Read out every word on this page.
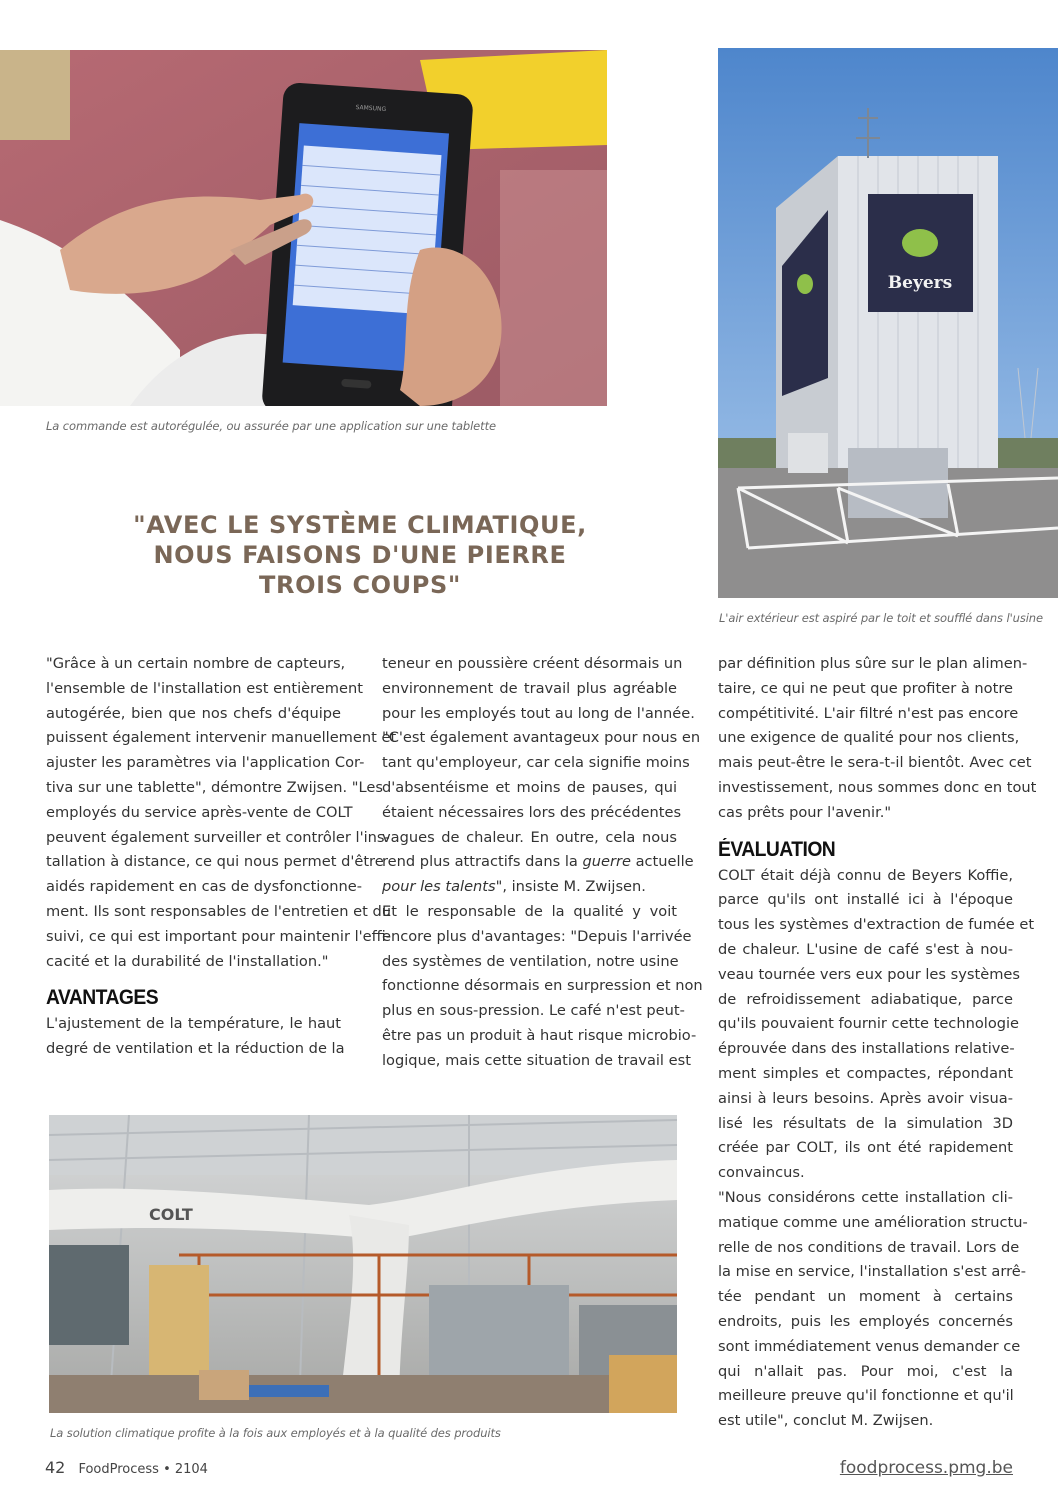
SAMSUNG
La commande est autorégulée, ou assurée par une application sur une tablette
Beyers
L'air extérieur est aspiré par le toit et soufflé dans l'usine
"AVEC LE SYSTÈME CLIMATIQUE,
NOUS FAISONS D'UNE PIERRE
TROIS COUPS"

"Grâce à un certain nombre de capteurs,
l'ensemble de l'installation est entièrement
autogérée, bien que nos chefs d'équipe
puissent également intervenir manuellement et
ajuster les paramètres via l'application Cor-
tiva sur une tablette", démontre Zwijsen. "Les
employés du service après-vente de COLT
peuvent également surveiller et contrôler l'ins-
tallation à distance, ce qui nous permet d'être
aidés rapidement en cas de dysfonctionne-
ment. Ils sont responsables de l'entretien et du
suivi, ce qui est important pour maintenir l'effi-
cacité et la durabilité de l'installation."

AVANTAGES

L'ajustement de la température, le haut
degré de ventilation et la réduction de la

teneur en poussière créent désormais un
environnement de travail plus agréable
pour les employés tout au long de l'année.
"C'est également avantageux pour nous en
tant qu'employeur, car cela signifie moins
d'absentéisme et moins de pauses, qui
étaient nécessaires lors des précédentes
vagues de chaleur. En outre, cela nous
rend plus attractifs dans la guerre actuelle
pour les talents", insiste M. Zwijsen.

Et le responsable de la qualité y voit
encore plus d'avantages: "Depuis l'arrivée
des systèmes de ventilation, notre usine
fonctionne désormais en surpression et non
plus en sous-pression. Le café n'est peut-
être pas un produit à haut risque microbio-
logique, mais cette situation de travail est

par définition plus sûre sur le plan alimen-
taire, ce qui ne peut que profiter à notre
compétitivité. L'air filtré n'est pas encore
une exigence de qualité pour nos clients,
mais peut-être le sera-t-il bientôt. Avec cet
investissement, nous sommes donc en tout
cas prêts pour l'avenir."

ÉVALUATION

COLT était déjà connu de Beyers Koffie,
parce qu'ils ont installé ici à l'époque
tous les systèmes d'extraction de fumée et
de chaleur. L'usine de café s'est à nou-
veau tournée vers eux pour les systèmes
de refroidissement adiabatique, parce
qu'ils pouvaient fournir cette technologie
éprouvée dans des installations relative-
ment simples et compactes, répondant
ainsi à leurs besoins. Après avoir visua-
lisé les résultats de la simulation 3D
créée par COLT, ils ont été rapidement
convaincus.

"Nous considérons cette installation cli-
matique comme une amélioration structu-
relle de nos conditions de travail. Lors de
la mise en service, l'installation s'est arrê-
tée pendant un moment à certains
endroits, puis les employés concernés
sont immédiatement venus demander ce
qui n'allait pas. Pour moi, c'est la
meilleure preuve qu'il fonctionne et qu'il
est utile", conclut M. Zwijsen.

COLT
La solution climatique profite à la fois aux employés et à la qualité des produits
42 FoodProcess • 2104	foodprocess.pmg.be
